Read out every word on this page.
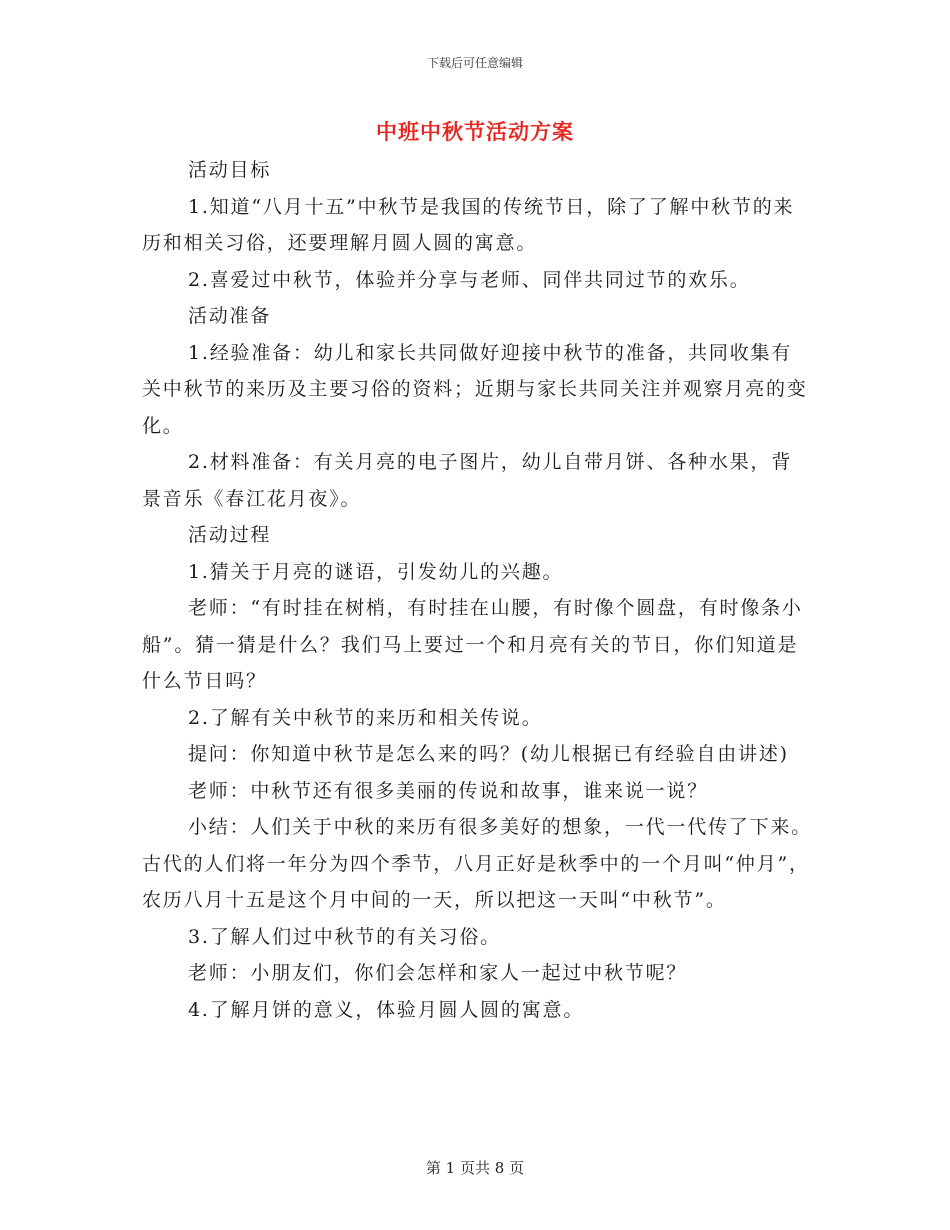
下载后可任意编辑
中班中秋节活动方案

活动目标

1.知道“八月十五”中秋节是我国的传统节日，除了了解中秋节的来历和相关习俗，还要理解月圆人圆的寓意。

2.喜爱过中秋节，体验并分享与老师、同伴共同过节的欢乐。

活动准备

1.经验准备：幼儿和家长共同做好迎接中秋节的准备，共同收集有关中秋节的来历及主要习俗的资料；近期与家长共同关注并观察月亮的变化。

2.材料准备：有关月亮的电子图片，幼儿自带月饼、各种水果，背景音乐《春江花月夜》。

活动过程

1.猜关于月亮的谜语，引发幼儿的兴趣。

老师：“有时挂在树梢，有时挂在山腰，有时像个圆盘，有时像条小船”。猜一猜是什么？我们马上要过一个和月亮有关的节日，你们知道是什么节日吗？

2.了解有关中秋节的来历和相关传说。

提问：你知道中秋节是怎么来的吗？(幼儿根据已有经验自由讲述)

老师：中秋节还有很多美丽的传说和故事，谁来说一说？

小结：人们关于中秋的来历有很多美好的想象，一代一代传了下来。古代的人们将一年分为四个季节，八月正好是秋季中的一个月叫“仲月”，农历八月十五是这个月中间的一天，所以把这一天叫“中秋节”。

3.了解人们过中秋节的有关习俗。

老师：小朋友们，你们会怎样和家人一起过中秋节呢？

4.了解月饼的意义，体验月圆人圆的寓意。

第 1 页共 8 页
